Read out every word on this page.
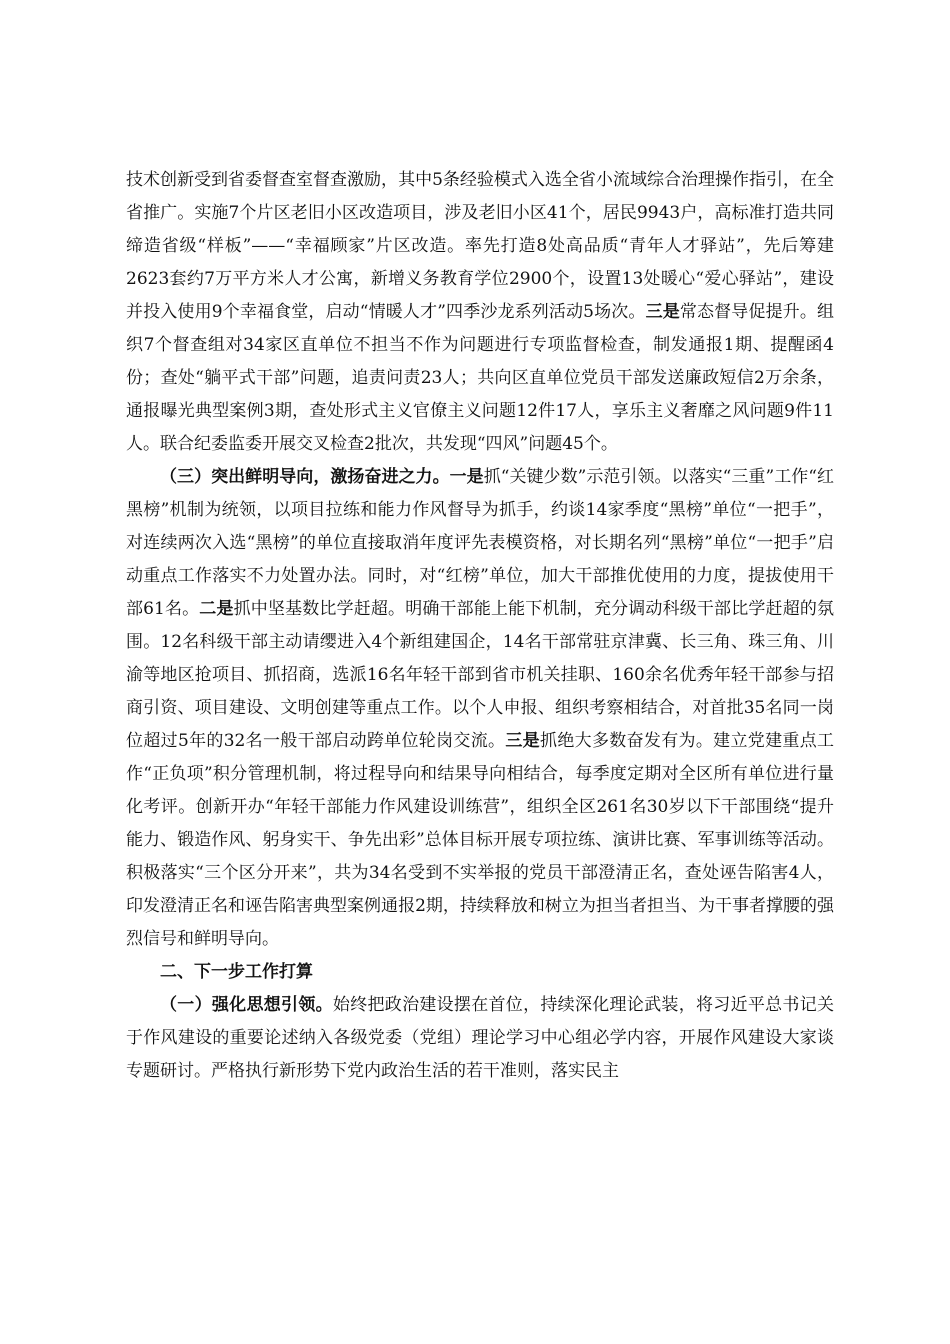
技术创新受到省委督查室督查激励，其中5条经验模式入选全省小流域综合治理操作指引，在全省推广。实施7个片区老旧小区改造项目，涉及老旧小区41个，居民9943户，高标准打造共同缔造省级“样板”——“幸福顾家”片区改造。率先打造8处高品质“青年人才驿站”，先后筹建2623套约7万平方米人才公寓，新增义务教育学位2900个，设置13处暖心“爱心驿站”，建设并投入使用9个幸福食堂，启动“情暖人才”四季沙龙系列活动5场次。三是常态督导促提升。组织7个督查组对34家区直单位不担当不作为问题进行专项监督检查，制发通报1期、提醒函4份；查处“躺平式干部”问题，追责问责23人；共向区直单位党员干部发送廉政短信2万余条，通报曝光典型案例3期，查处形式主义官僚主义问题12件17人，享乐主义奢靡之风问题9件11人。联合纪委监委开展交叉检查2批次，共发现“四风”问题45个。

（三）突出鲜明导向，激扬奋进之力。一是抓“关键少数”示范引领。以落实“三重”工作“红黑榜”机制为统领，以项目拉练和能力作风督导为抓手，约谈14家季度“黑榜”单位“一把手”，对连续两次入选“黑榜”的单位直接取消年度评先表模资格，对长期名列“黑榜”单位“一把手”启动重点工作落实不力处置办法。同时，对“红榜”单位，加大干部推优使用的力度，提拔使用干部61名。二是抓中坚基数比学赶超。明确干部能上能下机制，充分调动科级干部比学赶超的氛围。12名科级干部主动请缨进入4个新组建国企，14名干部常驻京津冀、长三角、珠三角、川渝等地区抢项目、抓招商，选派16名年轻干部到省市机关挂职、160余名优秀年轻干部参与招商引资、项目建设、文明创建等重点工作。以个人申报、组织考察相结合，对首批35名同一岗位超过5年的32名一般干部启动跨单位轮岗交流。三是抓绝大多数奋发有为。建立党建重点工作“正负项”积分管理机制，将过程导向和结果导向相结合，每季度定期对全区所有单位进行量化考评。创新开办“年轻干部能力作风建设训练营”，组织全区261名30岁以下干部围绕“提升能力、锻造作风、躬身实干、争先出彩”总体目标开展专项拉练、演讲比赛、军事训练等活动。积极落实“三个区分开来”，共为34名受到不实举报的党员干部澄清正名，查处诬告陷害4人，印发澄清正名和诬告陷害典型案例通报2期，持续释放和树立为担当者担当、为干事者撑腰的强烈信号和鲜明导向。

二、下一步工作打算

（一）强化思想引领。始终把政治建设摆在首位，持续深化理论武装，将习近平总书记关于作风建设的重要论述纳入各级党委（党组）理论学习中心组必学内容，开展作风建设大家谈专题研讨。严格执行新形势下党内政治生活的若干准则，落实民主
